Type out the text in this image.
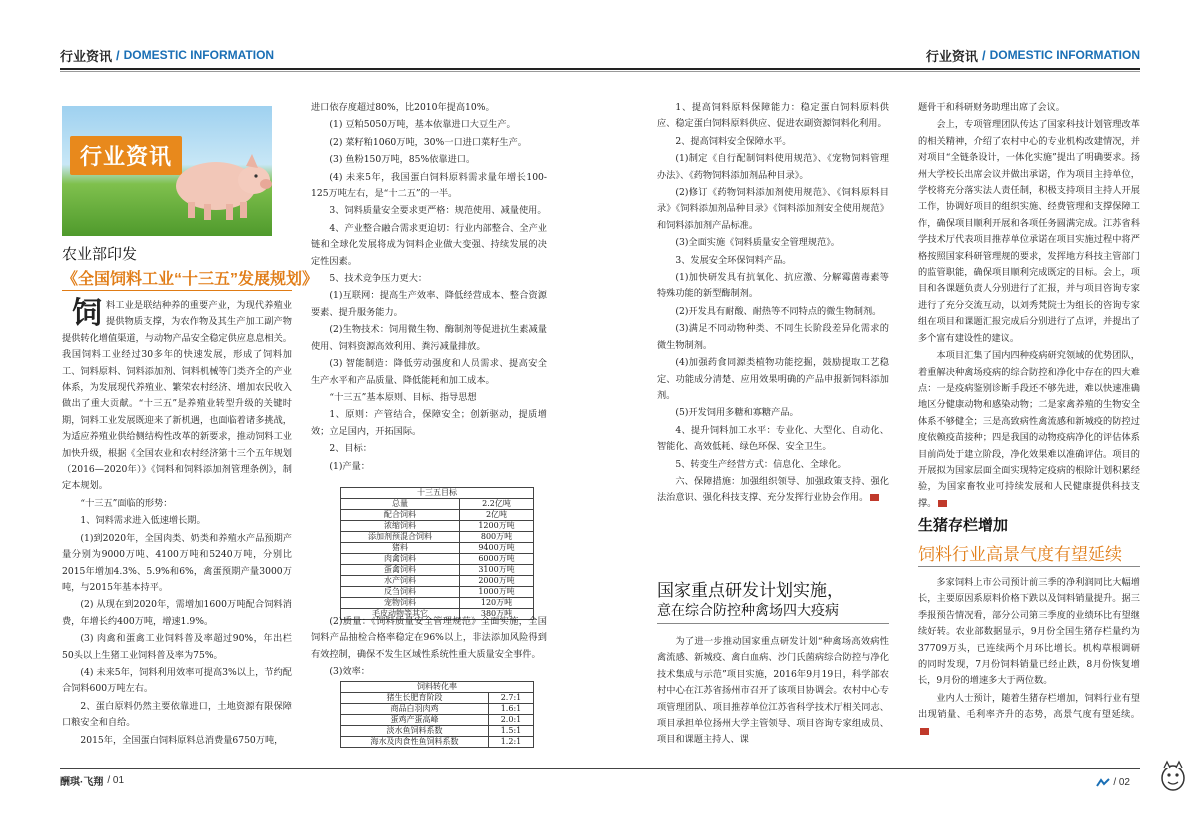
行业资讯 / DOMESTIC INFORMATION	行业资讯 / DOMESTIC INFORMATION
行业资讯
农业部印发
《全国饲料工业“十三五”发展规划》

饲料工业是联结种养的重要产业，为现代养殖业提供物质支撑，为农作物及其生产加工副产物提供转化增值渠道，与动物产品安全稳定供应息息相关。我国饲料工业经过30多年的快速发展，形成了饲料加工、饲料原料、饲料添加剂、饲料机械等门类齐全的产业体系，为发展现代养殖业、繁荣农村经济、增加农民收入做出了重大贡献。“十三五”是养殖业转型升级的关键时期，饲料工业发展既迎来了新机遇，也面临着诸多挑战，为适应养殖业供给侧结构性改革的新要求，推动饲料工业加快升级，根据《全国农业和农村经济第十三个五年规划（2016—2020年）》《饲料和饲料添加剂管理条例》，制定本规划。

“十三五”面临的形势：

1、饲料需求进入低速增长期。

(1)到2020年，全国肉类、奶类和养殖水产品预期产量分别为9000万吨、4100万吨和5240万吨，分别比2015年增加4.3%、5.9%和6%，禽蛋预期产量3000万吨，与2015年基本持平。

(2) 从现在到2020年，需增加1600万吨配合饲料消费，年增长约400万吨，增速1.9%。

(3) 肉禽和蛋禽工业饲料普及率超过90%，年出栏50头以上生猪工业饲料普及率为75%。

(4) 未来5年，饲料利用效率可提高3%以上，节约配合饲料600万吨左右。

2、蛋白原料仍然主要依靠进口，土地资源有限保障口粮安全和自给。

2015年，全国蛋白饲料原料总消费量6750万吨，

进口依存度超过80%，比2010年提高10%。

(1) 豆粕5050万吨，基本依靠进口大豆生产。

(2) 菜籽粕1060万吨，30%一口进口菜籽生产。

(3) 鱼粉150万吨，85%依靠进口。

(4) 未来5年，我国蛋白饲料原料需求量年增长100-125万吨左右，是“十二五”的一半。

3、饲料质量安全要求更严格：规范使用、减量使用。

4、产业整合融合需求更迫切：行业内部整合、全产业链和全球化发展将成为饲料企业做大变强、持续发展的决定性因素。

5、技术竞争压力更大：

(1)互联网：提高生产效率、降低经营成本、整合资源要素、提升服务能力。

(2)生物技术：饲用微生物、酶制剂等促进抗生素减量使用、饲料资源高效利用、粪污减量排放。

(3) 智能制造：降低劳动强度和人员需求、提高安全生产水平和产品质量、降低能耗和加工成本。

“十三五”基本原则、目标、指导思想

1、原则：产管结合，保障安全；创新驱动，提质增效；立足国内，开拓国际。

2、目标：

(1)产量：

十三五目标	
总量	2.2亿吨
配合饲料	2亿吨
浓缩饲料	1200万吨
添加剂预混合饲料	800万吨
猪料	9400万吨
肉禽饲料	6000万吨
蛋禽饲料	3100万吨
水产饲料	2000万吨
反刍饲料	1000万吨
宠物饲料	120万吨
毛皮动物等其它	380万吨

(2)质量：《饲料质量安全管理规范》全面实施，全国饲料产品抽检合格率稳定在96%以上，非法添加风险得到有效控制，确保不发生区域性系统性重大质量安全事件。

(3)效率：

饲料转化率	
猪生长肥育阶段	2.7:1
商品白羽肉鸡	1.6:1
蛋鸡产蛋高峰	2.0:1
淡水鱼饲料系数	1.5:1
海水及肉食性鱼饲料系数	1.2:1

1、提高饲料原料保障能力：稳定蛋白饲料原料供应、稳定蛋白饲料原料供应、促进农副资源饲料化利用。

2、提高饲料安全保障水平。

(1)制定《自行配制饲料使用规范》、《宠物饲料管理办法》、《药物饲料添加剂品种目录》。

(2)修订《药物饲料添加剂使用规范》、《饲料原料目录》《饲料添加剂品种目录》《饲料添加剂安全使用规范》和饲料添加剂产品标准。

(3)全面实施《饲料质量安全管理规范》。

3、发展安全环保饲料产品。

(1)加快研发具有抗氧化、抗应激、分解霉菌毒素等特殊功能的新型酶制剂。

(2)开发具有耐酸、耐热等不同特点的微生物制剂。

(3)满足不同动物种类、不同生长阶段差异化需求的微生物制剂。

(4)加强药食同源类植物功能挖掘，鼓励提取工艺稳定、功能成分清楚、应用效果明确的产品申报新饲料添加剂。

(5)开发饲用多糖和寡糖产品。

4、提升饲料加工水平：专业化、大型化、自动化、智能化、高效低耗、绿色环保、安全卫生。

5、转变生产经营方式：信息化、全球化。

六、保障措施：加强组织领导、加强政策支持、强化法治意识、强化科技支撑、充分发挥行业协会作用。

国家重点研发计划实施，
意在综合防控种禽场四大疫病

为了进一步推动国家重点研发计划“种禽场高效病性禽流感、新城疫、禽白血病、沙门氏菌病综合防控与净化技术集成与示范”项目实施，2016年9月19日，科学部农村中心在江苏省扬州市召开了该项目协调会。农村中心专项管理团队、项目推荐单位江苏省科学技术厅相关同志、项目承担单位扬州大学主管领导、项目咨询专家组成员、项目和课题主持人、课

题骨干和科研财务助理出席了会议。

会上，专项管理团队传达了国家科技计划管理改革的相关精神，介绍了农村中心的专业机构改建情况，并对项目“全链条设计，一体化实施”提出了明确要求。扬州大学校长出席会议并做出承诺，作为项目主持单位，学校将充分落实法人责任制，积极支持项目主持人开展工作，协调好项目的组织实施、经费管理和支撑保障工作，确保项目顺利开展和各项任务圆满完成。江苏省科学技术厅代表项目推荐单位承诺在项目实施过程中将严格按照国家科研管理规的要求，发挥地方科技主管部门的监管职能，确保项目顺利完成既定的目标。会上，项目和各课题负责人分别进行了汇报，并与项目咨询专家进行了充分交流互动，以刘秀梵院士为组长的咨询专家组在项目和课题汇报完成后分别进行了点评，并提出了多个富有建设性的建议。

本项目汇集了国内四种疫病研究领域的优势团队，着重解决种禽场疫病的综合防控和净化中存在的四大难点：一是疫病鉴别诊断手段还不够先进，难以快速准确地区分健康动物和感染动物；二是家禽养殖的生物安全体系不够健全；三是高致病性禽流感和新城疫的防控过度依赖疫苗接种；四是我国的动物疫病净化的评估体系目前尚处于建立阶段，净化效果难以准确评估。项目的开展拟为国家层面全面实现特定疫病的根除计划积累经验，为国家畜牧业可持续发展和人民健康提供科技支撑。

生猪存栏增加
饲料行业高景气度有望延续

多家饲料上市公司预计前三季的净利润同比大幅增长，主要原因系原料价格下跌以及饲料销量提升。据三季报预告情况看，部分公司第三季度的业绩环比有望继续好转。农业部数据显示，9月份全国生猪存栏量约为37709万头，已连续两个月环比增长。机构草根调研的同时发现，7月份饲料销量已经止跌，8月份恢复增长，9月份的增速多大于两位数。

业内人士预计，随着生猪存栏增加，饲料行业有望出现销量、毛利率齐升的态势，高景气度有望延续。

酬琪·飞翔 / 01	/ 02
